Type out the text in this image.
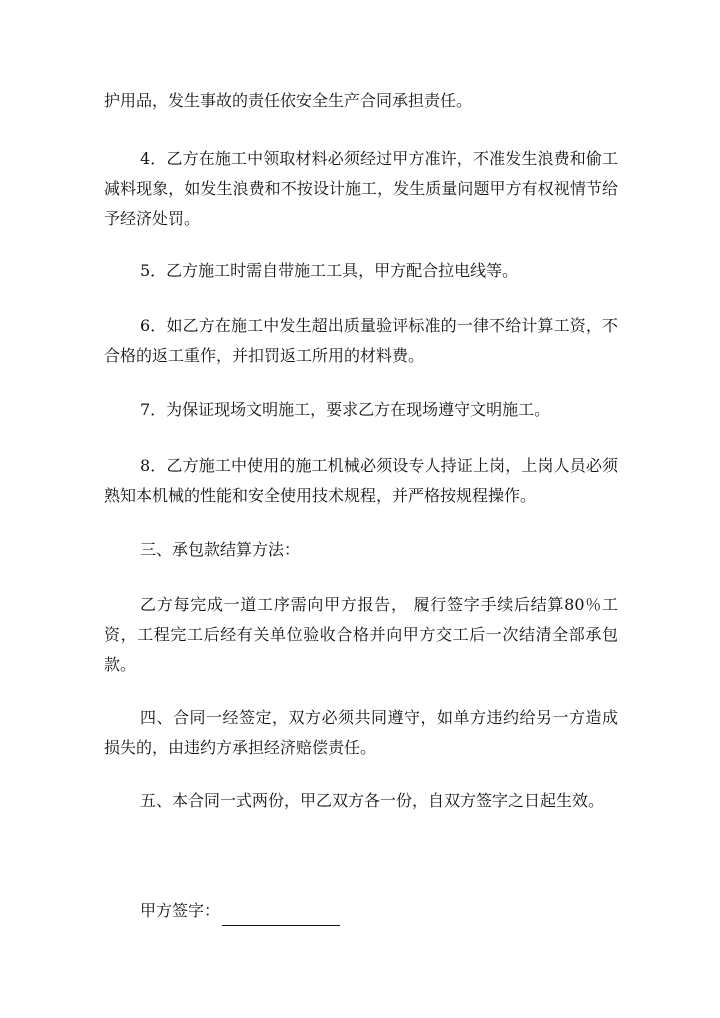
护用品，发生事故的责任依安全生产合同承担责任。

4．乙方在施工中领取材料必须经过甲方准许，不准发生浪费和偷工减料现象，如发生浪费和不按设计施工，发生质量问题甲方有权视情节给予经济处罚。

5．乙方施工时需自带施工工具，甲方配合拉电线等。

6．如乙方在施工中发生超出质量验评标准的一律不给计算工资，不合格的返工重作，并扣罚返工所用的材料费。

7．为保证现场文明施工，要求乙方在现场遵守文明施工。

8．乙方施工中使用的施工机械必须设专人持证上岗，上岗人员必须熟知本机械的性能和安全使用技术规程，并严格按规程操作。

三、承包款结算方法：

乙方每完成一道工序需向甲方报告， 履行签字手续后结算80％工资，工程完工后经有关单位验收合格并向甲方交工后一次结清全部承包款。

四、合同一经签定，双方必须共同遵守，如单方违约给另一方造成损失的，由违约方承担经济赔偿责任。

五、本合同一式两份，甲乙双方各一份，自双方签字之日起生效。

甲方签字：
